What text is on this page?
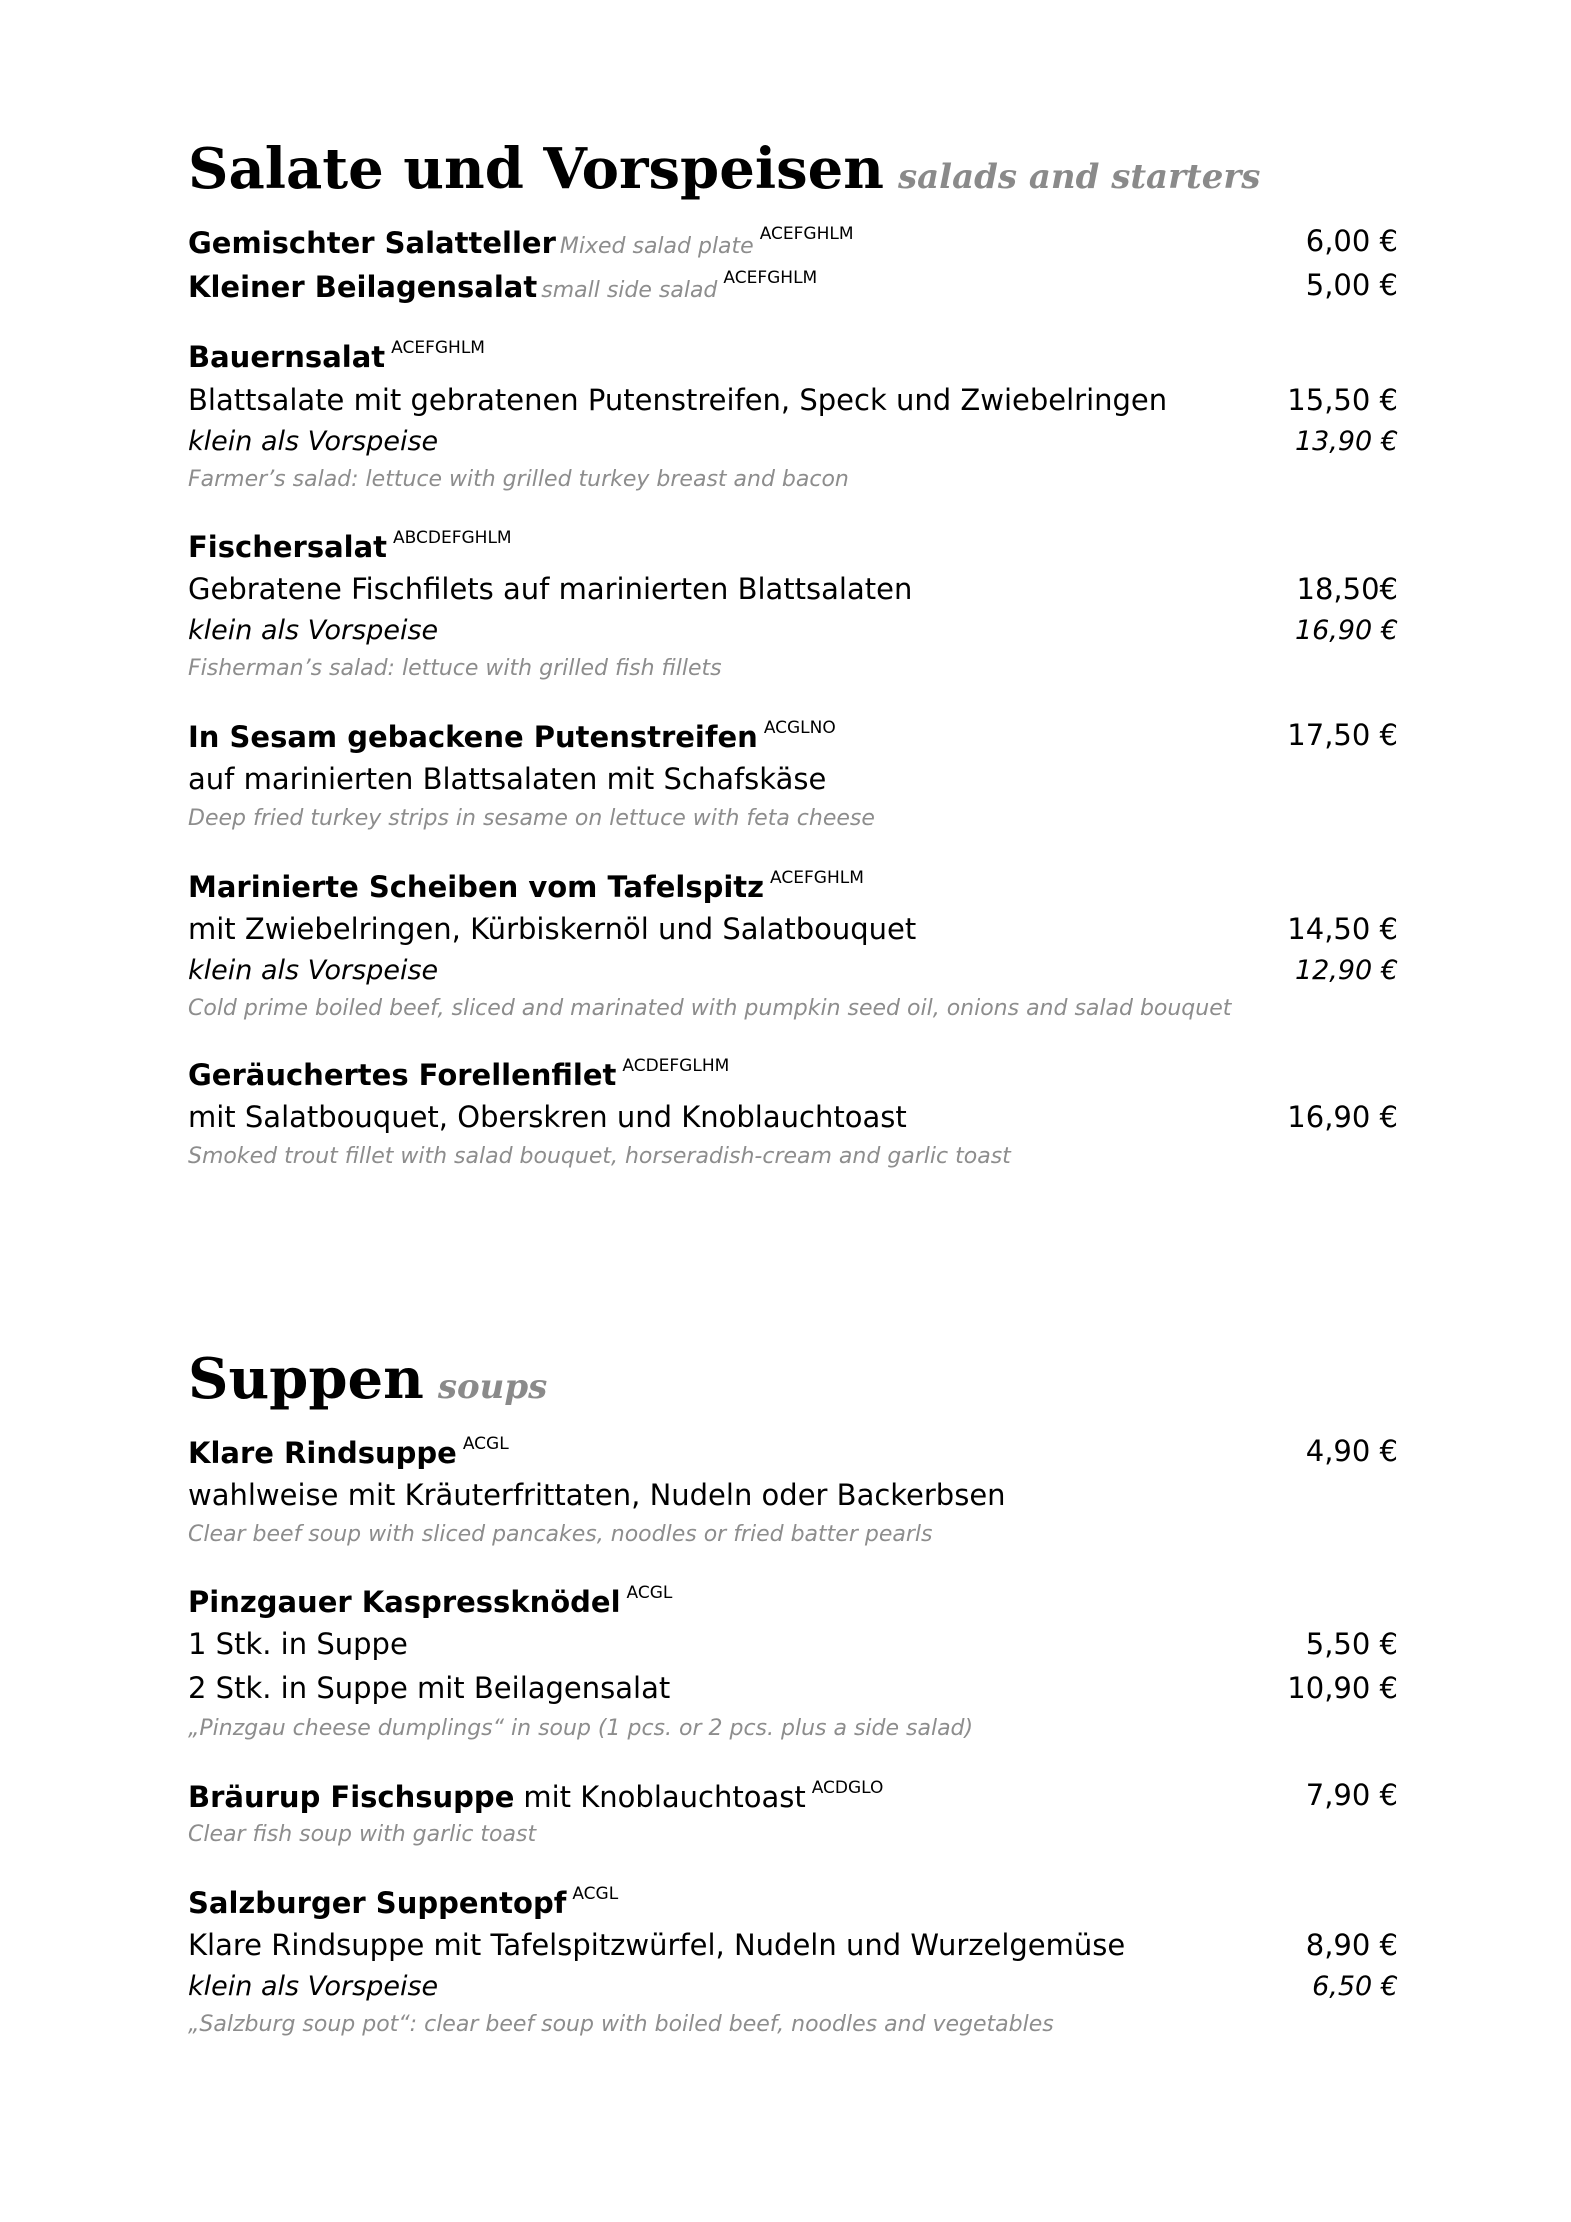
Salate und Vorspeisen salads and starters
Gemischter Salatteller Mixed salad plate ACEFGHLM	6,00 €
Kleiner Beilagensalat small side salad ACEFGHLM	5,00 €
Bauernsalat ACEFGHLM
Blattsalate mit gebratenen Putenstreifen, Speck und Zwiebelringen	15,50 €
klein als Vorspeise	13,90 €
Farmer’s salad: lettuce with grilled turkey breast and bacon
Fischersalat ABCDEFGHLM
Gebratene Fischfilets auf marinierten Blattsalaten	18,50€
klein als Vorspeise	16,90 €
Fisherman’s salad: lettuce with grilled fish fillets
In Sesam gebackene Putenstreifen ACGLNO	17,50 €
auf marinierten Blattsalaten mit Schafskäse
Deep fried turkey strips in sesame on lettuce with feta cheese
Marinierte Scheiben vom Tafelspitz ACEFGHLM
mit Zwiebelringen, Kürbiskernöl und Salatbouquet	14,50 €
klein als Vorspeise	12,90 €
Cold prime boiled beef, sliced and marinated with pumpkin seed oil, onions and salad bouquet
Geräuchertes Forellenfilet ACDEFGLHM
mit Salatbouquet, Oberskren und Knoblauchtoast	16,90 €
Smoked trout fillet with salad bouquet, horseradish-cream and garlic toast
Suppen soups
Klare Rindsuppe ACGL	4,90 €
wahlweise mit Kräuterfrittaten, Nudeln oder Backerbsen
Clear beef soup with sliced pancakes, noodles or fried batter pearls
Pinzgauer Kaspressknödel ACGL
1 Stk. in Suppe	5,50 €
2 Stk. in Suppe mit Beilagensalat	10,90 €
„Pinzgau cheese dumplings“ in soup (1 pcs. or 2 pcs. plus a side salad)
Bräurup Fischsuppe mit Knoblauchtoast ACDGLO	7,90 €
Clear fish soup with garlic toast
Salzburger Suppentopf ACGL
Klare Rindsuppe mit Tafelspitzwürfel, Nudeln und Wurzelgemüse	8,90 €
klein als Vorspeise	6,50 €
„Salzburg soup pot“: clear beef soup with boiled beef, noodles and vegetables
